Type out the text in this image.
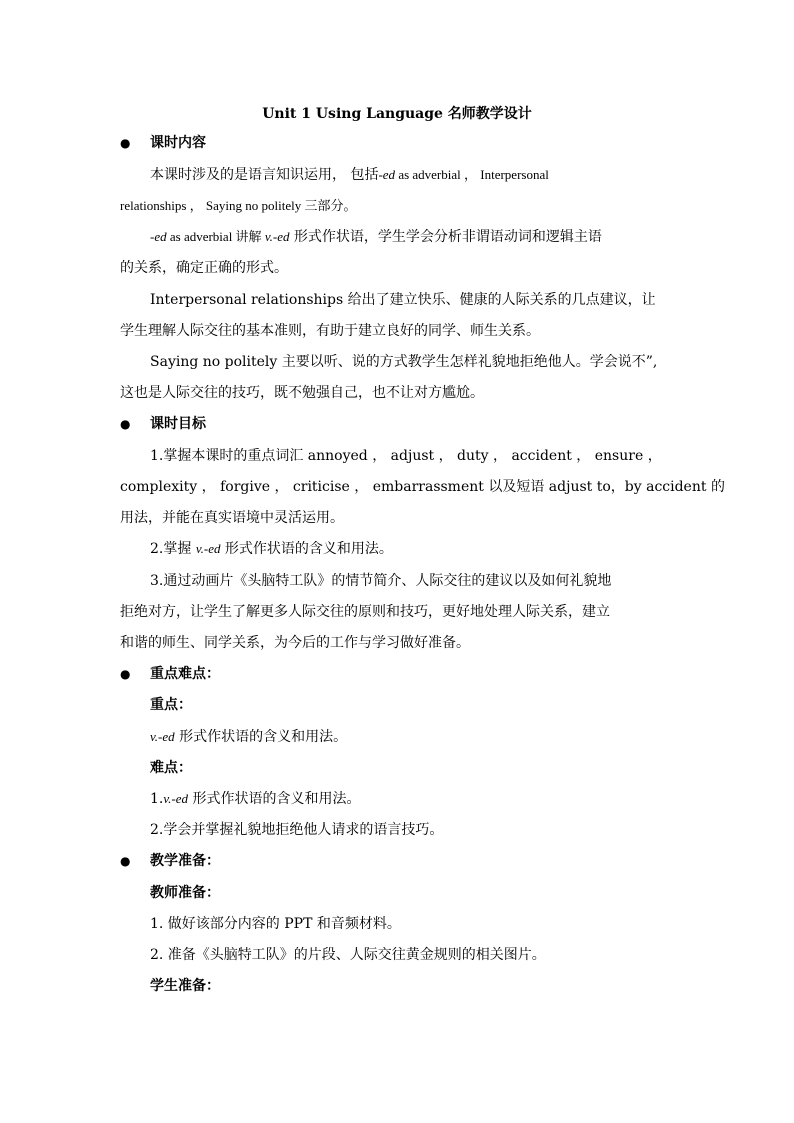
Unit 1 Using Language 名师教学设计
● 课时内容
本课时涉及的是语言知识运用， 包括-ed as adverbial ， Interpersonal
relationships ， Saying no politely 三部分。
-ed as adverbial 讲解 v.-ed 形式作状语，学生学会分析非谓语动词和逻辑主语
的关系，确定正确的形式。
Interpersonal relationships 给出了建立快乐、健康的人际关系的几点建议，让
学生理解人际交往的基本准则，有助于建立良好的同学、师生关系。
Saying no politely 主要以听、说的方式教学生怎样礼貌地拒绝他人。学会说不”,
这也是人际交往的技巧，既不勉强自己，也不让对方尴尬。
● 课时目标
1.掌握本课时的重点词汇 annoyed ， adjust ， duty ， accident ， ensure ，
complexity ， forgive ， criticise ， embarrassment 以及短语 adjust to，by accident 的
用法，并能在真实语境中灵活运用。
2.掌握 v.-ed 形式作状语的含义和用法。
3.通过动画片《头脑特工队》的情节简介、人际交往的建议以及如何礼貌地
拒绝对方，让学生了解更多人际交往的原则和技巧，更好地处理人际关系，建立
和谐的师生、同学关系，为今后的工作与学习做好准备。
● 重点难点：
重点：
v.-ed 形式作状语的含义和用法。
难点：
1.v.-ed 形式作状语的含义和用法。
2.学会并掌握礼貌地拒绝他人请求的语言技巧。
● 教学准备：
教师准备：
1. 做好该部分内容的 PPT 和音频材料。
2. 准备《头脑特工队》的片段、人际交往黄金规则的相关图片。
学生准备：
